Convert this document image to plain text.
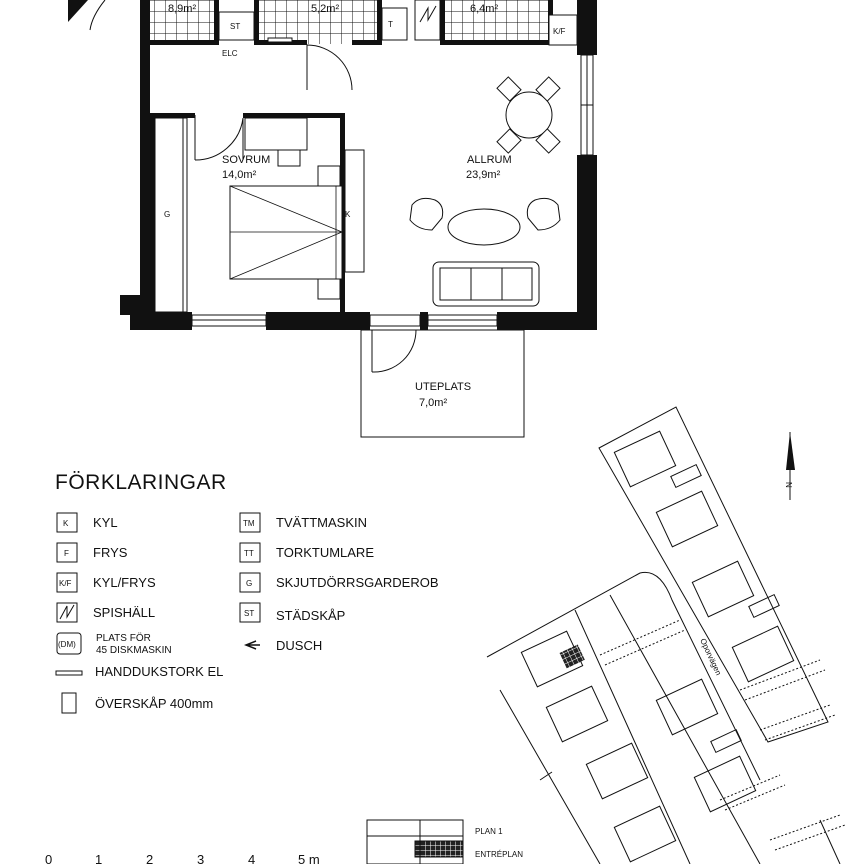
G
ST
ELC
T
K/F
8,9m²	5,2m²	6,4m²
K
SOVRUM
14,0m²
ALLRUM
23,9m²
UTEPLATS
7,0m²
FÖRKLARINGAR
K KYL
F FRYS
K/F KYL/FRYS
SPISHÄLL
(DM)
PLATS FÖR
45 DISKMASKIN
HANDDUKSTORK EL
ÖVERSKÅP 400mm
TM TVÄTTMASKIN
TT TORKTUMLARE
G SKJUTDÖRRSGARDEROB
ST STÄDSKÅP
DUSCH	Oporvägen
N
PLAN 1
ENTRÉPLAN
0	1	2	3	4	5 m
